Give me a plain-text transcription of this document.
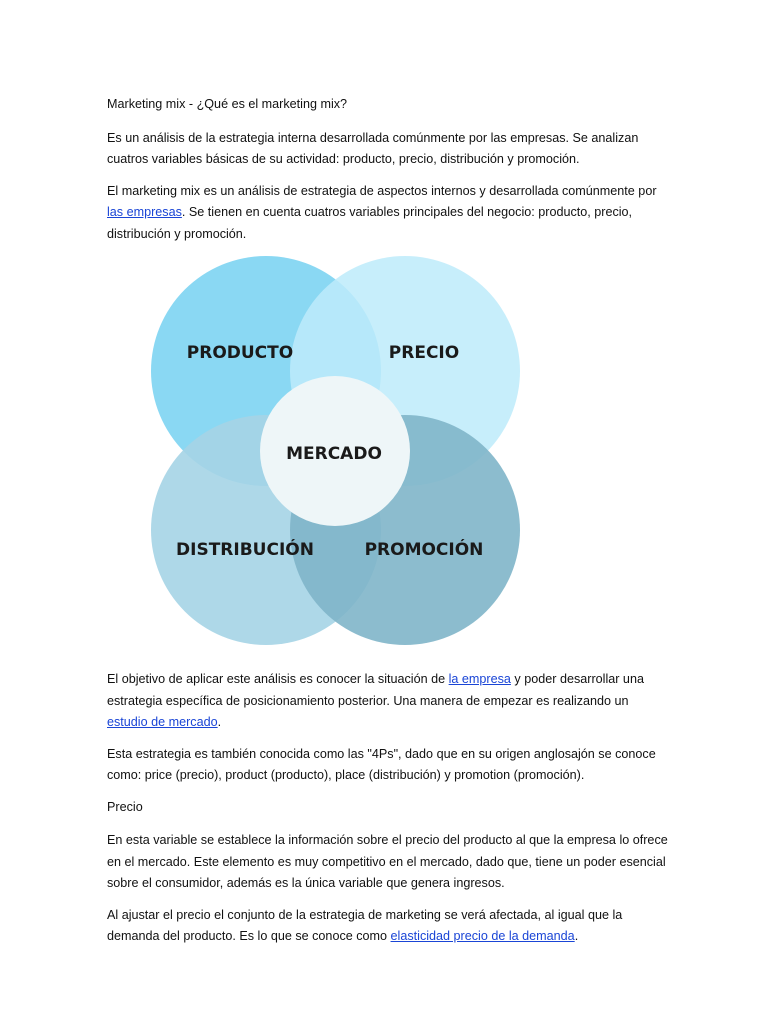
Marketing mix - ¿Qué es el marketing mix?

Es un análisis de la estrategia interna desarrollada comúnmente por las empresas. Se analizan cuatros variables básicas de su actividad: producto, precio, distribución y promoción.

El marketing mix es un análisis de estrategia de aspectos internos y desarrollada comúnmente por las empresas. Se tienen en cuenta cuatros variables principales del negocio: producto, precio, distribución y promoción.

PRODUCTO	PRECIO
MERCADO
DISTRIBUCIÓN	PROMOCIÓN

El objetivo de aplicar este análisis es conocer la situación de la empresa y poder desarrollar una estrategia específica de posicionamiento posterior. Una manera de empezar es realizando un estudio de mercado.

Esta estrategia es también conocida como las "4Ps", dado que en su origen anglosajón se conoce como: price (precio), product (producto), place (distribución) y promotion (promoción).

Precio

En esta variable se establece la información sobre el precio del producto al que la empresa lo ofrece en el mercado. Este elemento es muy competitivo en el mercado, dado que, tiene un poder esencial sobre el consumidor, además es la única variable que genera ingresos.

Al ajustar el precio el conjunto de la estrategia de marketing se verá afectada, al igual que la demanda del producto. Es lo que se conoce como elasticidad precio de la demanda.
